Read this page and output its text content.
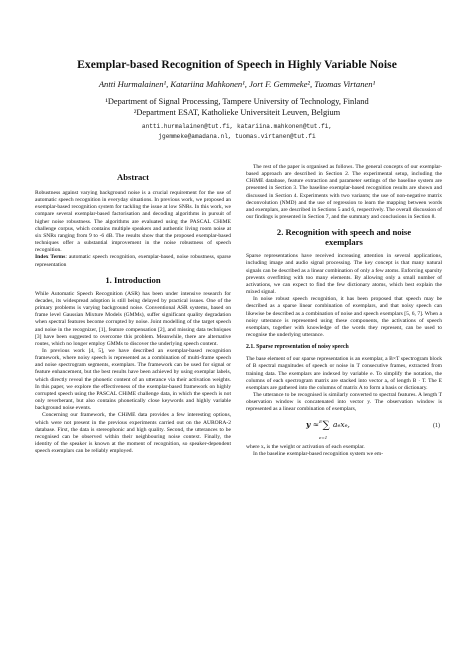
Exemplar-based Recognition of Speech in Highly Variable Noise
Antti Hurmalainen¹, Katariina Mahkonen¹, Jort F. Gemmeke², Tuomas Virtanen¹
¹Department of Signal Processing, Tampere University of Technology, Finland
²Department ESAT, Katholieke Universiteit Leuven, Belgium
antti.hurmalainen@tut.fi, katariina.mahkonen@tut.fi,
jgemmeke@amadana.nl, tuomas.virtanen@tut.fi
Abstract

Robustness against varying background noise is a crucial requirement for the use of automatic speech recognition in everyday situations. In previous work, we proposed an exemplar-based recognition system for tackling the issue at low SNRs. In this work, we compare several exemplar-based factorisation and decoding algorithms in pursuit of higher noise robustness. The algorithms are evaluated using the PASCAL CHiME challenge corpus, which contains multiple speakers and authentic living room noise at six SNRs ranging from 9 to -6 dB. The results show that the proposed exemplar-based techniques offer a substantial improvement in the noise robustness of speech recognition.

Index Terms: automatic speech recognition, exemplar-based, noise robustness, sparse representation

1. Introduction

While Automatic Speech Recognition (ASR) has been under intensive research for decades, its widespread adoption is still being delayed by practical issues. One of the primary problems is varying background noise. Conventional ASR systems, based on frame level Gaussian Mixture Models (GMMs), suffer significant quality degradation when spectral features become corrupted by noise. Joint modelling of the target speech and noise in the recognizer, [1], feature compensation [2], and missing data techniques [3] have been suggested to overcome this problem. Meanwhile, there are alternative routes, which no longer employ GMMs to discover the underlying speech content.

In previous work [4, 5], we have described an exemplar-based recognition framework, where noisy speech is represented as a combination of multi-frame speech and noise spectrogram segments, exemplars. The framework can be used for signal or feature enhancement, but the best results have been achieved by using exemplar labels, which directly reveal the phonetic content of an utterance via their activation weights. In this paper, we explore the effectiveness of the exemplar-based framework on highly corrupted speech using the PASCAL CHiME challenge data, in which the speech is not only reverberant, but also contains phonetically close keywords and highly variable background noise events.

Concerning our framework, the CHiME data provides a few interesting options, which were not present in the previous experiments carried out on the AURORA-2 database. First, the data is stereophonic and high quality. Second, the utterances to be recognised can be observed within their neighbouring noise context. Finally, the identity of the speaker is known at the moment of recognition, so speaker-dependent speech exemplars can be reliably employed.

The rest of the paper is organised as follows. The general concepts of our exemplar-based approach are described in Section 2. The experimental setup, including the CHiME database, feature extraction and parameter settings of the baseline system are presented in Section 3. The baseline exemplar-based recognition results are shown and discussed in Section 4. Experiments with two variants; the use of non-negative matrix deconvolution (NMD) and the use of regression to learn the mapping between words and exemplars, are described in Sections 5 and 6, respectively. The overall discussion of our findings is presented in Section 7, and the summary and conclusions in Section 8.

2. Recognition with speech and noise
exemplars

Sparse representations have received increasing attention in several applications, including image and audio signal processing. The key concept is that many natural signals can be described as a linear combination of only a few atoms. Enforcing sparsity prevents overfitting with too many elements. By allowing only a small number of activations, we can expect to find the few dictionary atoms, which best explain the mixed signal.

In noise robust speech recognition, it has been proposed that speech may be described as a sparse linear combination of exemplars, and that noisy speech can likewise be described as a combination of noise and speech exemplars [5, 6, 7]. When a noisy utterance is represented using these components, the activations of speech exemplars, together with knowledge of the words they represent, can be used to recognise the underlying utterance.

2.1. Sparse representation of noisy speech

The base element of our sparse representation is an exemplar, a B×T spectrogram block of B spectral magnitudes of speech or noise in T consecutive frames, extracted from training data. The exemplars are indexed by variable e. To simplify the notation, the columns of each spectrogram matrix are stacked into vector aₑ of length B · T. The E exemplars are gathered into the columns of matrix A to form a basis or dictionary.

The utterance to be recognised is similarly converted to spectral features. A length T observation window is concatenated into vector y. The observation window is represented as a linear combination of exemplars,

y ≈ ∑
E
e=1
aₑxₑ,	(1)

where xₑ is the weight or activation of each exemplar.

In the baseline exemplar-based recognition system we em-
